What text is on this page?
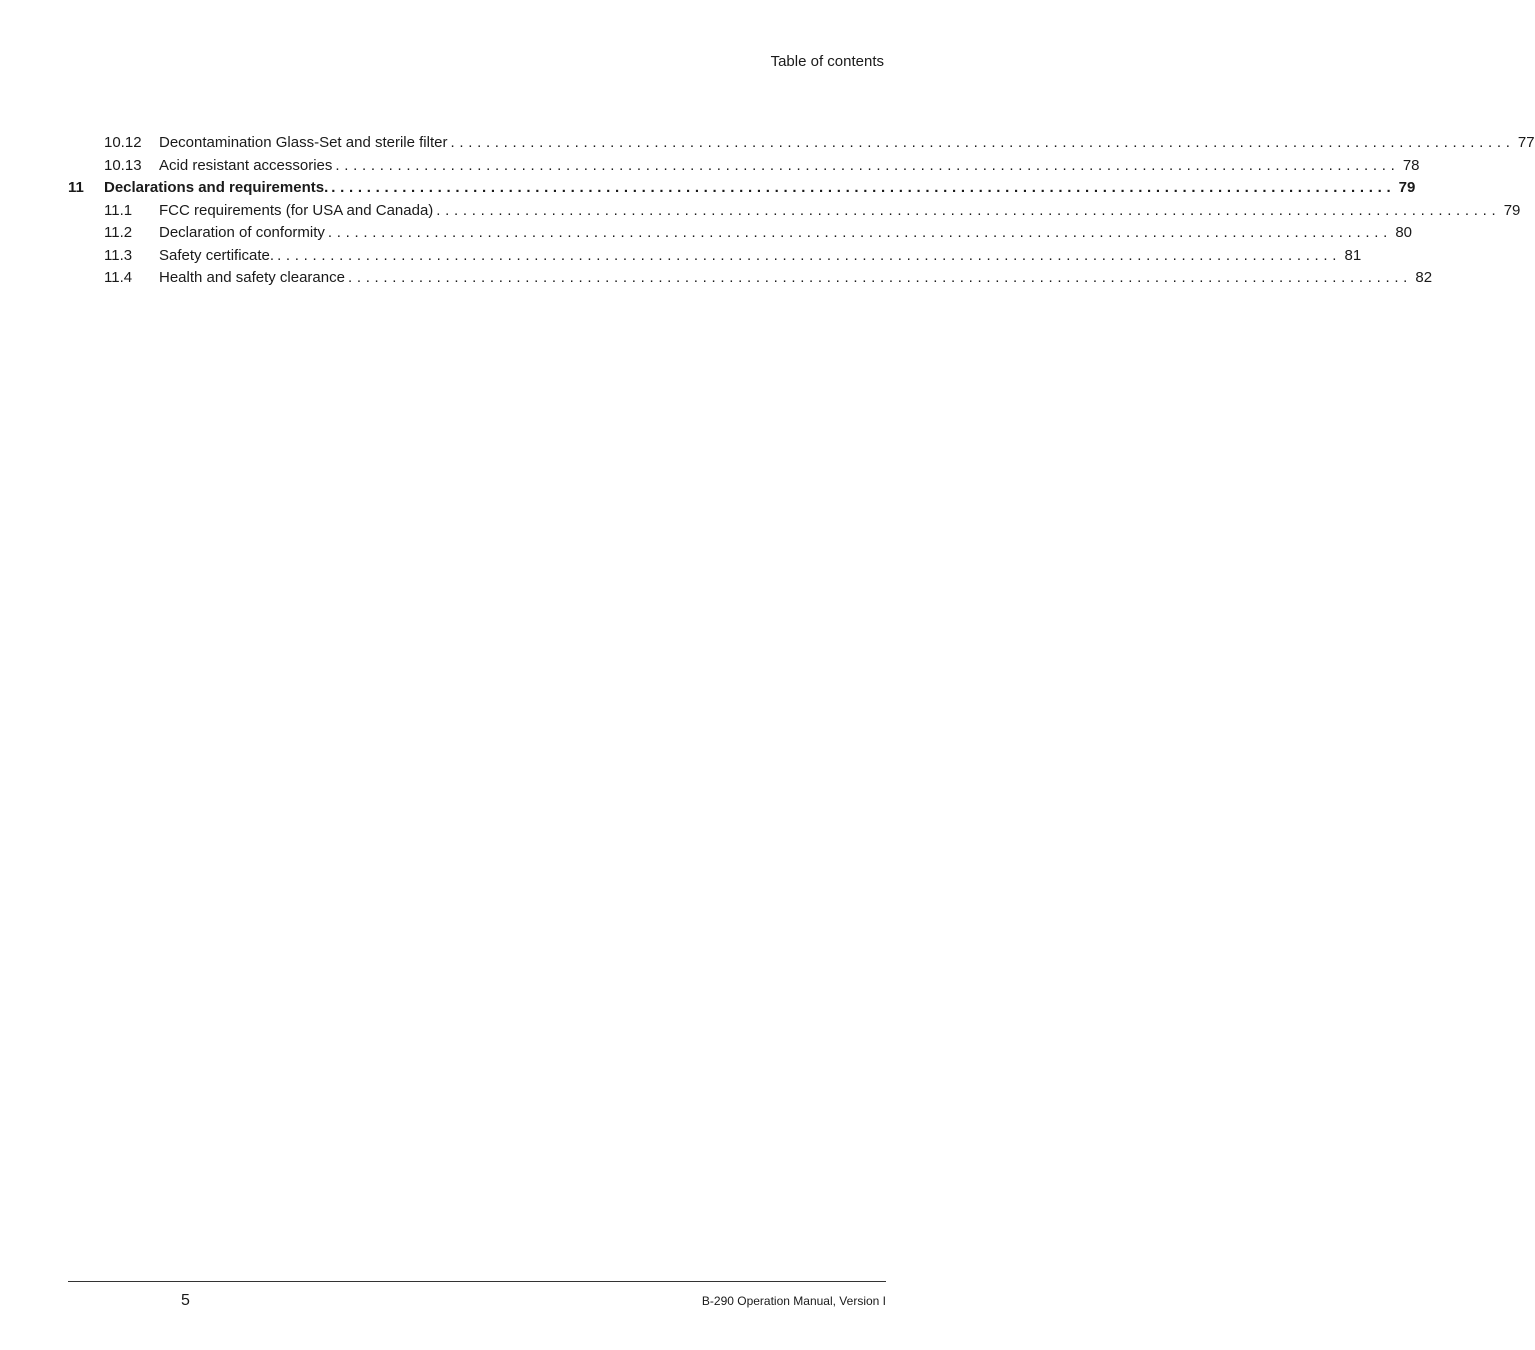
Table of contents
10.12 Decontamination Glass-Set and sterile filter ........................................................................................................................ 77
10.13 Acid resistant accessories ........................................................................................................................ 78
11 Declarations and requirements. ........................................................................................................................ 79
11.1 FCC requirements (for USA and Canada) ........................................................................................................................ 79
11.2 Declaration of conformity ........................................................................................................................ 80
11.3 Safety certificate. ........................................................................................................................ 81
11.4 Health and safety clearance ........................................................................................................................ 82
5	B-290 Operation Manual, Version I
